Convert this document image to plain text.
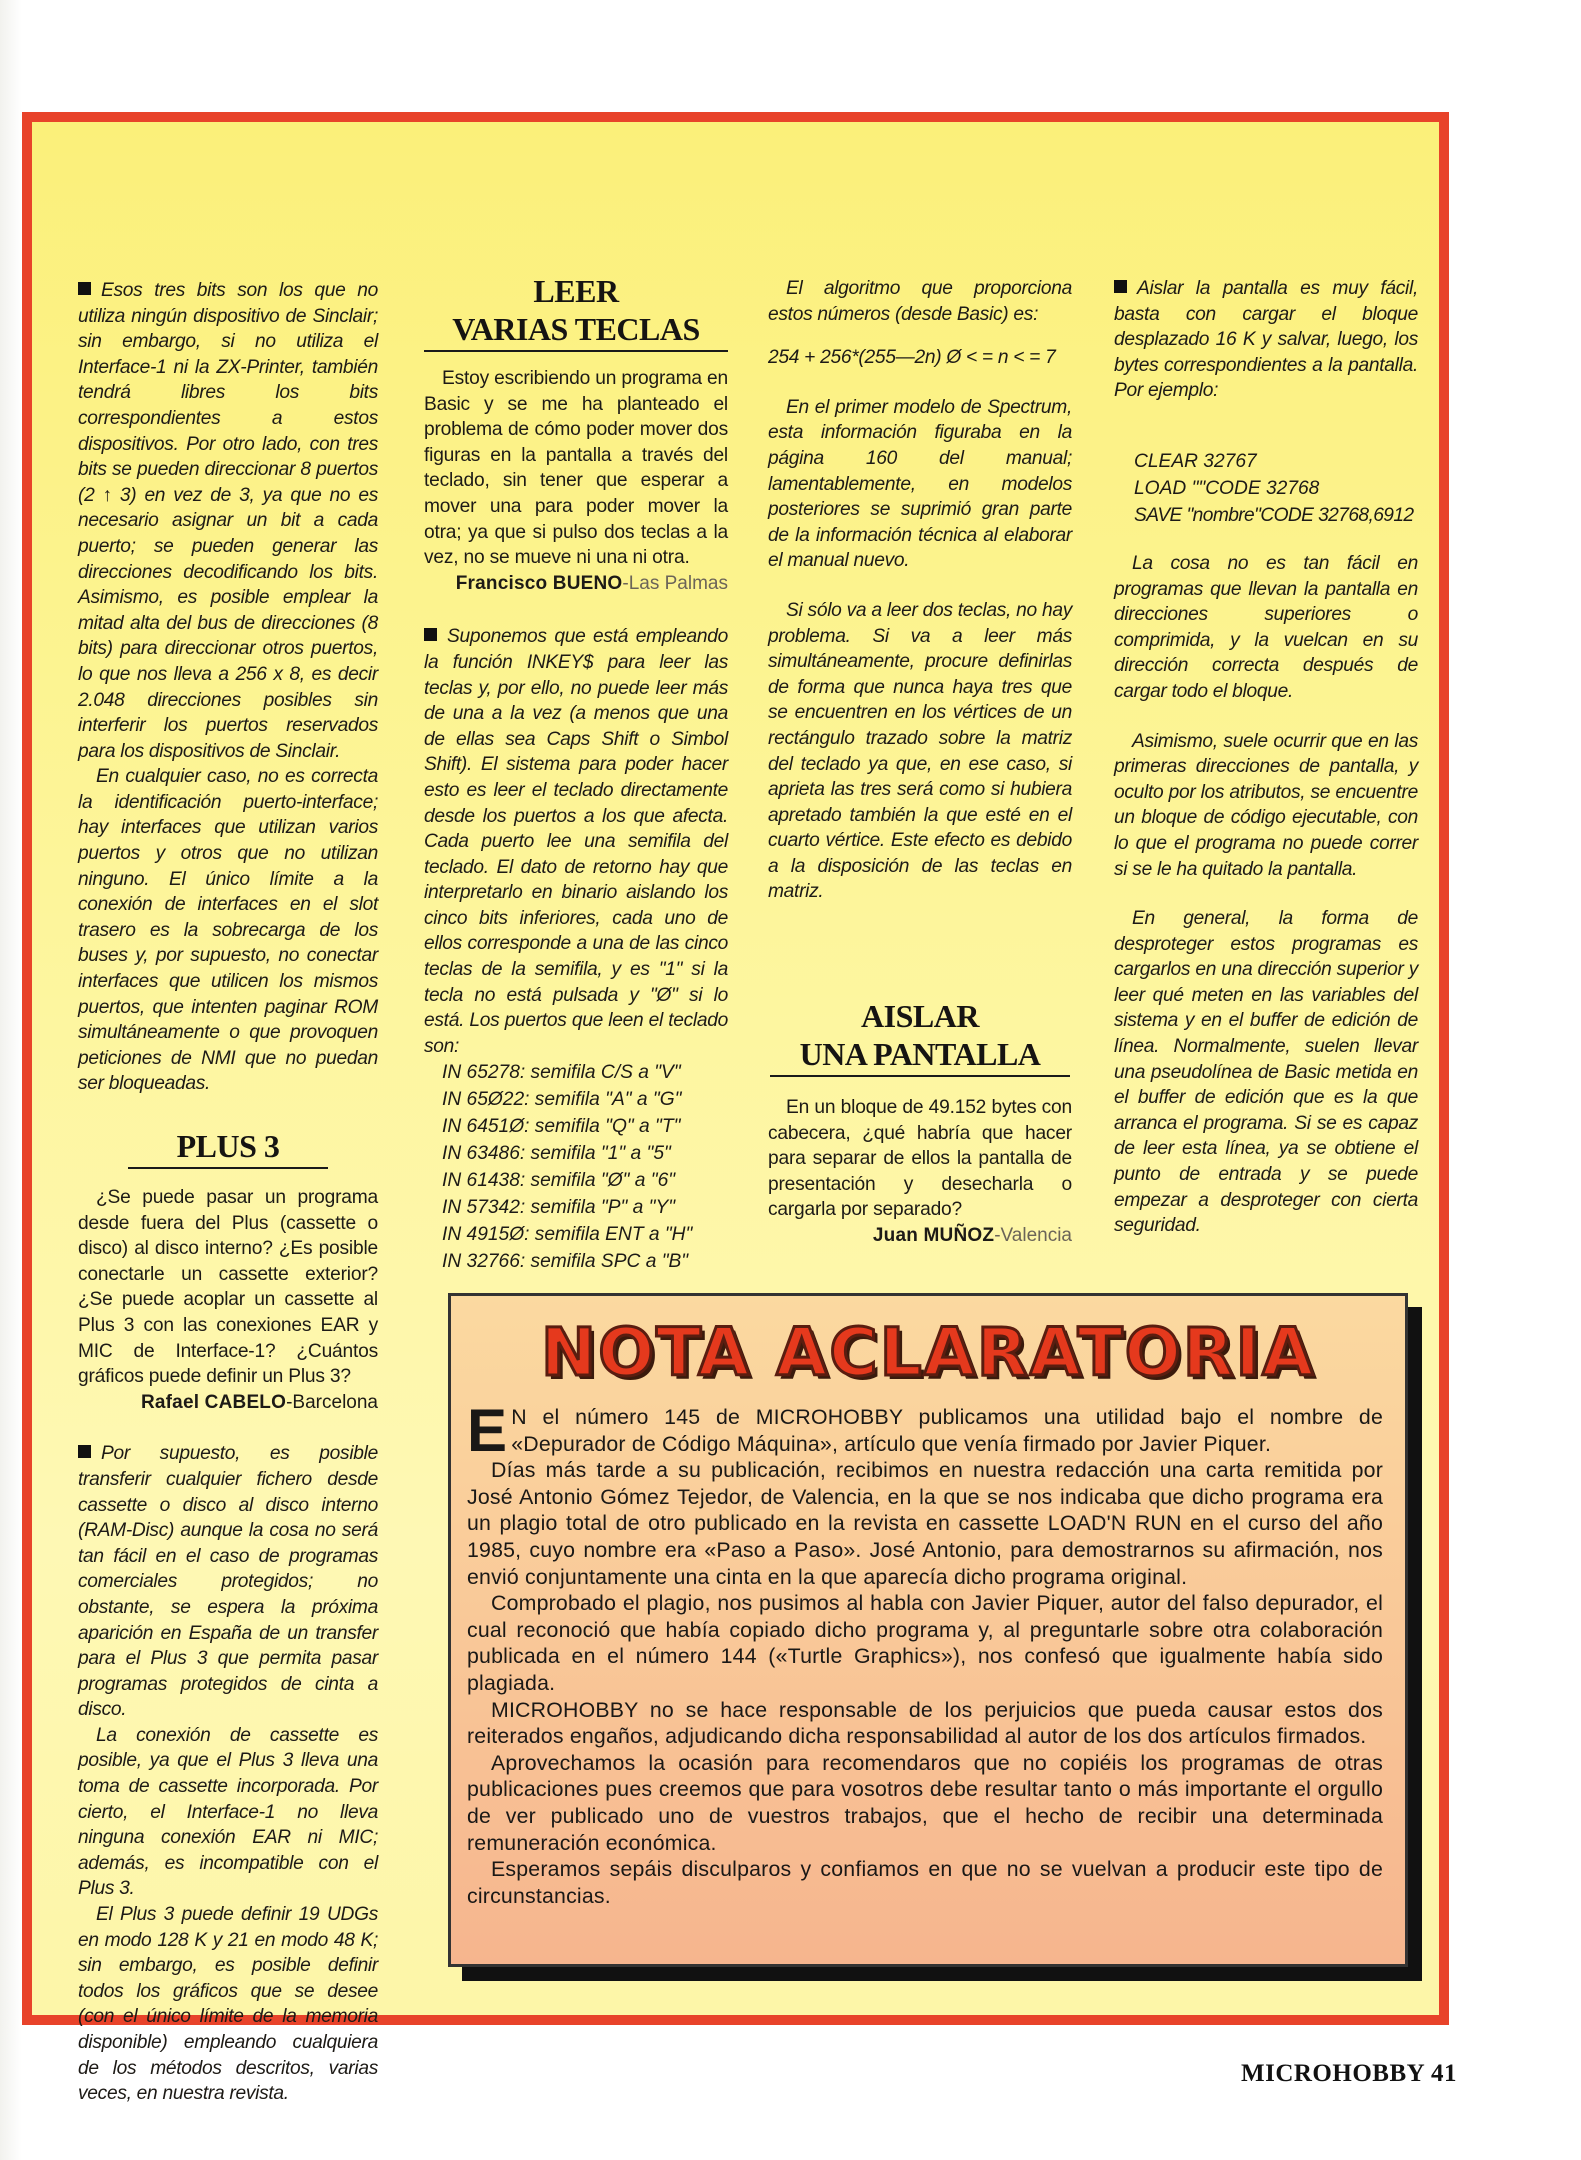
Esos tres bits son los que no utiliza ningún dispositivo de Sinclair; sin embargo, si no utiliza el Interface-1 ni la ZX-Printer, también tendrá libres los bits correspondientes a estos dispositivos. Por otro lado, con tres bits se pueden direccionar 8 puertos (2 ↑ 3) en vez de 3, ya que no es necesario asignar un bit a cada puerto; se pueden generar las direcciones decodificando los bits. Asimismo, es posible emplear la mitad alta del bus de direcciones (8 bits) para direccionar otros puertos, lo que nos lleva a 256 x 8, es decir 2.048 direcciones posibles sin interferir los puertos reservados para los dispositivos de Sinclair.

En cualquier caso, no es correcta la identificación puerto-interface; hay interfaces que utilizan varios puertos y otros que no utilizan ninguno. El único límite a la conexión de interfaces en el slot trasero es la sobrecarga de los buses y, por supuesto, no conectar interfaces que utilicen los mismos puertos, que intenten paginar ROM simultáneamente o que provoquen peticiones de NMI que no puedan ser bloqueadas.

PLUS 3

¿Se puede pasar un programa desde fuera del Plus (cassette o disco) al disco interno? ¿Es posible conectarle un cassette exterior? ¿Se puede acoplar un cassette al Plus 3 con las conexiones EAR y MIC de Interface-1? ¿Cuántos gráficos puede definir un Plus 3?

Rafael CABELO-Barcelona

Por supuesto, es posible transferir cualquier fichero desde cassette o disco al disco interno (RAM-Disc) aunque la cosa no será tan fácil en el caso de programas comerciales protegidos; no obstante, se espera la próxima aparición en España de un transfer para el Plus 3 que permita pasar programas protegidos de cinta a disco.

La conexión de cassette es posible, ya que el Plus 3 lleva una toma de cassette incorporada. Por cierto, el Interface-1 no lleva ninguna conexión EAR ni MIC; además, es incompatible con el Plus 3.

El Plus 3 puede definir 19 UDGs en modo 128 K y 21 en modo 48 K; sin embargo, es posible definir todos los gráficos que se desee (con el único límite de la memoria disponible) empleando cualquiera de los métodos descritos, varias veces, en nuestra revista.

LEER
VARIAS TECLAS

Estoy escribiendo un programa en Basic y se me ha planteado el problema de cómo poder mover dos figuras en la pantalla a través del teclado, sin tener que esperar a mover una para poder mover la otra; ya que si pulso dos teclas a la vez, no se mueve ni una ni otra.

Francisco BUENO-Las Palmas

Suponemos que está empleando la función INKEY$ para leer las teclas y, por ello, no puede leer más de una a la vez (a menos que una de ellas sea Caps Shift o Simbol Shift). El sistema para poder hacer esto es leer el teclado directamente desde los puertos a los que afecta. Cada puerto lee una semifila del teclado. El dato de retorno hay que interpretarlo en binario aislando los cinco bits inferiores, cada uno de ellos corresponde a una de las cinco teclas de la semifila, y es "1" si la tecla no está pulsada y "Ø" si lo está. Los puertos que leen el teclado son:

IN 65278: semifila C/S a "V"
IN 65Ø22: semifila "A" a "G"
IN 6451Ø: semifila "Q" a "T"
IN 63486: semifila "1" a "5"
IN 61438: semifila "Ø" a "6"
IN 57342: semifila "P" a "Y"
IN 4915Ø: semifila ENT a "H"
IN 32766: semifila SPC a "B"

El algoritmo que proporciona estos números (desde Basic) es:

254 + 256*(255—2n) Ø < = n < = 7

En el primer modelo de Spectrum, esta información figuraba en la página 160 del manual; lamentablemente, en modelos posteriores se suprimió gran parte de la información técnica al elaborar el manual nuevo.

Si sólo va a leer dos teclas, no hay problema. Si va a leer más simultáneamente, procure definirlas de forma que nunca haya tres que se encuentren en los vértices de un rectángulo trazado sobre la matriz del teclado ya que, en ese caso, si aprieta las tres será como si hubiera apretado también la que esté en el cuarto vértice. Este efecto es debido a la disposición de las teclas en matriz.

AISLAR
UNA PANTALLA

En un bloque de 49.152 bytes con cabecera, ¿qué habría que hacer para separar de ellos la pantalla de presentación y desecharla o cargarla por separado?

Juan MUÑOZ-Valencia

Aislar la pantalla es muy fácil, basta con cargar el bloque desplazado 16 K y salvar, luego, los bytes correspondientes a la pantalla. Por ejemplo:

CLEAR 32767
LOAD ""CODE 32768
SAVE "nombre"CODE 32768,6912

La cosa no es tan fácil en programas que llevan la pantalla en direcciones superiores o comprimida, y la vuelcan en su dirección correcta después de cargar todo el bloque.

Asimismo, suele ocurrir que en las primeras direcciones de pantalla, y oculto por los atributos, se encuentre un bloque de código ejecutable, con lo que el programa no puede correr si se le ha quitado la pantalla.

En general, la forma de desproteger estos programas es cargarlos en una dirección superior y leer qué meten en las variables del sistema y en el buffer de edición de línea. Normalmente, suelen llevar una pseudolínea de Basic metida en el buffer de edición que es la que arranca el programa. Si se es capaz de leer esta línea, ya se obtiene el punto de entrada y se puede empezar a desproteger con cierta seguridad.

NOTA ACLARATORIA

E N el número 145 de MICROHOBBY publicamos una utilidad bajo el nombre de «Depurador de Código Máquina», artículo que venía firmado por Javier Piquer.

Días más tarde a su publicación, recibimos en nuestra redacción una carta remitida por José Antonio Gómez Tejedor, de Valencia, en la que se nos indicaba que dicho programa era un plagio total de otro publicado en la revista en cassette LOAD'N RUN en el curso del año 1985, cuyo nombre era «Paso a Paso». José Antonio, para demostrarnos su afirmación, nos envió conjuntamente una cinta en la que aparecía dicho programa original.

Comprobado el plagio, nos pusimos al habla con Javier Piquer, autor del falso depurador, el cual reconoció que había copiado dicho programa y, al preguntarle sobre otra colaboración publicada en el número 144 («Turtle Graphics»), nos confesó que igualmente había sido plagiada.

MICROHOBBY no se hace responsable de los perjuicios que pueda causar estos dos reiterados engaños, adjudicando dicha responsabilidad al autor de los dos artículos firmados.

Aprovechamos la ocasión para recomendaros que no copiéis los programas de otras publicaciones pues creemos que para vosotros debe resultar tanto o más importante el orgullo de ver publicado uno de vuestros trabajos, que el hecho de recibir una determinada remuneración económica.

Esperamos sepáis disculparos y confiamos en que no se vuelvan a producir este tipo de circunstancias.

MICROHOBBY 41
